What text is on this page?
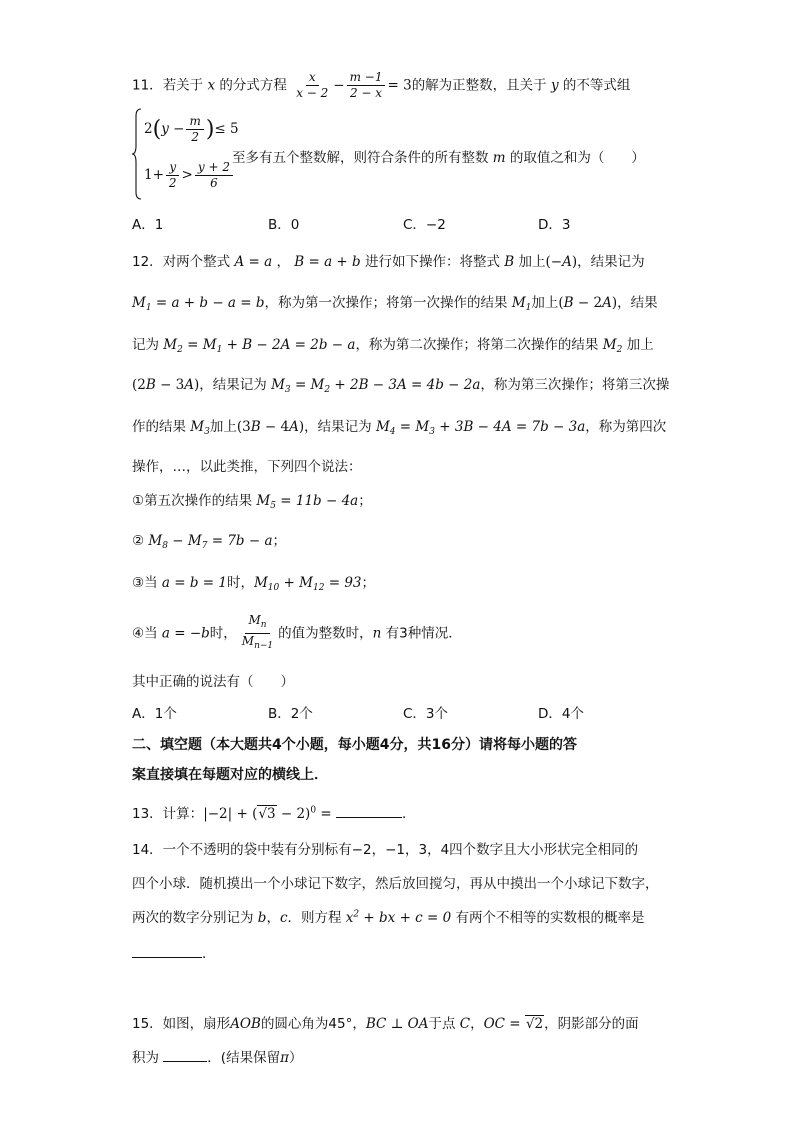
11．若关于 x 的分式方程 $\frac{x}{x - 2} - \frac{m -1}{2 - x} = 3$的解为正整数，且关于 y 的不等式组
$2(y - \frac{m}{2}$ )≤ 5
$1+ \frac{y}{2} > \frac{y + 2}{6}$
至多有五个整数解，则符合条件的所有整数 m 的取值之和为（　　）
A．1	B．0	C．−2	D．3
12．对两个整式 A = a ， B = a + b 进行如下操作：将整式 B 加上(−A)，结果记为
$M_1 = a + b - a = b$，称为第一次操作；将第一次操作的结果 $M_1$加上(B − 2A)，结果
记为 $M_2 = M_1 + B - 2A = 2b - a$，称为第二次操作；将第二次操作的结果 $M_2$ 加上
(2B − 3A)，结果记为 $M_3 = M_2 + 2B - 3A = 4b - 2a$，称为第三次操作；将第三次操
作的结果 $M_3$加上(3B − 4A)，结果记为 $M_4 = M_3 + 3B - 4A = 7b - 3a$，称为第四次
操作，…，以此类推，下列四个说法：
①第五次操作的结果 $M_5 = 11b - 4a$；
② $M_8 - M_7 = 7b - a$；
③当 a = b = 1时，$M_{10} + M_{12} = 93$；
④当 a = −b时， $\frac{M_n}{M_{n-1}}$ 的值为整数时，n 有3种情况．
其中正确的说法有（　　）
A．1个	B．2个	C．3个	D．4个
二、填空题（本大题共4个小题，每小题4分，共16分）请将每小题的答
案直接填在每题对应的横线上．
13．计算：$|-2| + (√3 - 2)^0$ =	．
14．一个不透明的袋中装有分别标有−2，−1，3，4四个数字且大小形状完全相同的
四个小球．随机摸出一个小球记下数字，然后放回搅匀，再从中摸出一个小球记下数字，
两次的数字分别记为 b，c．则方程 $x^2$ + bx + c = 0 有两个不相等的实数根的概率是
．
15．如图，扇形AOB的圆心角为45°，BC ⊥ OA于点 C，OC = √2，阴影部分的面
积为	．(结果保留π）
